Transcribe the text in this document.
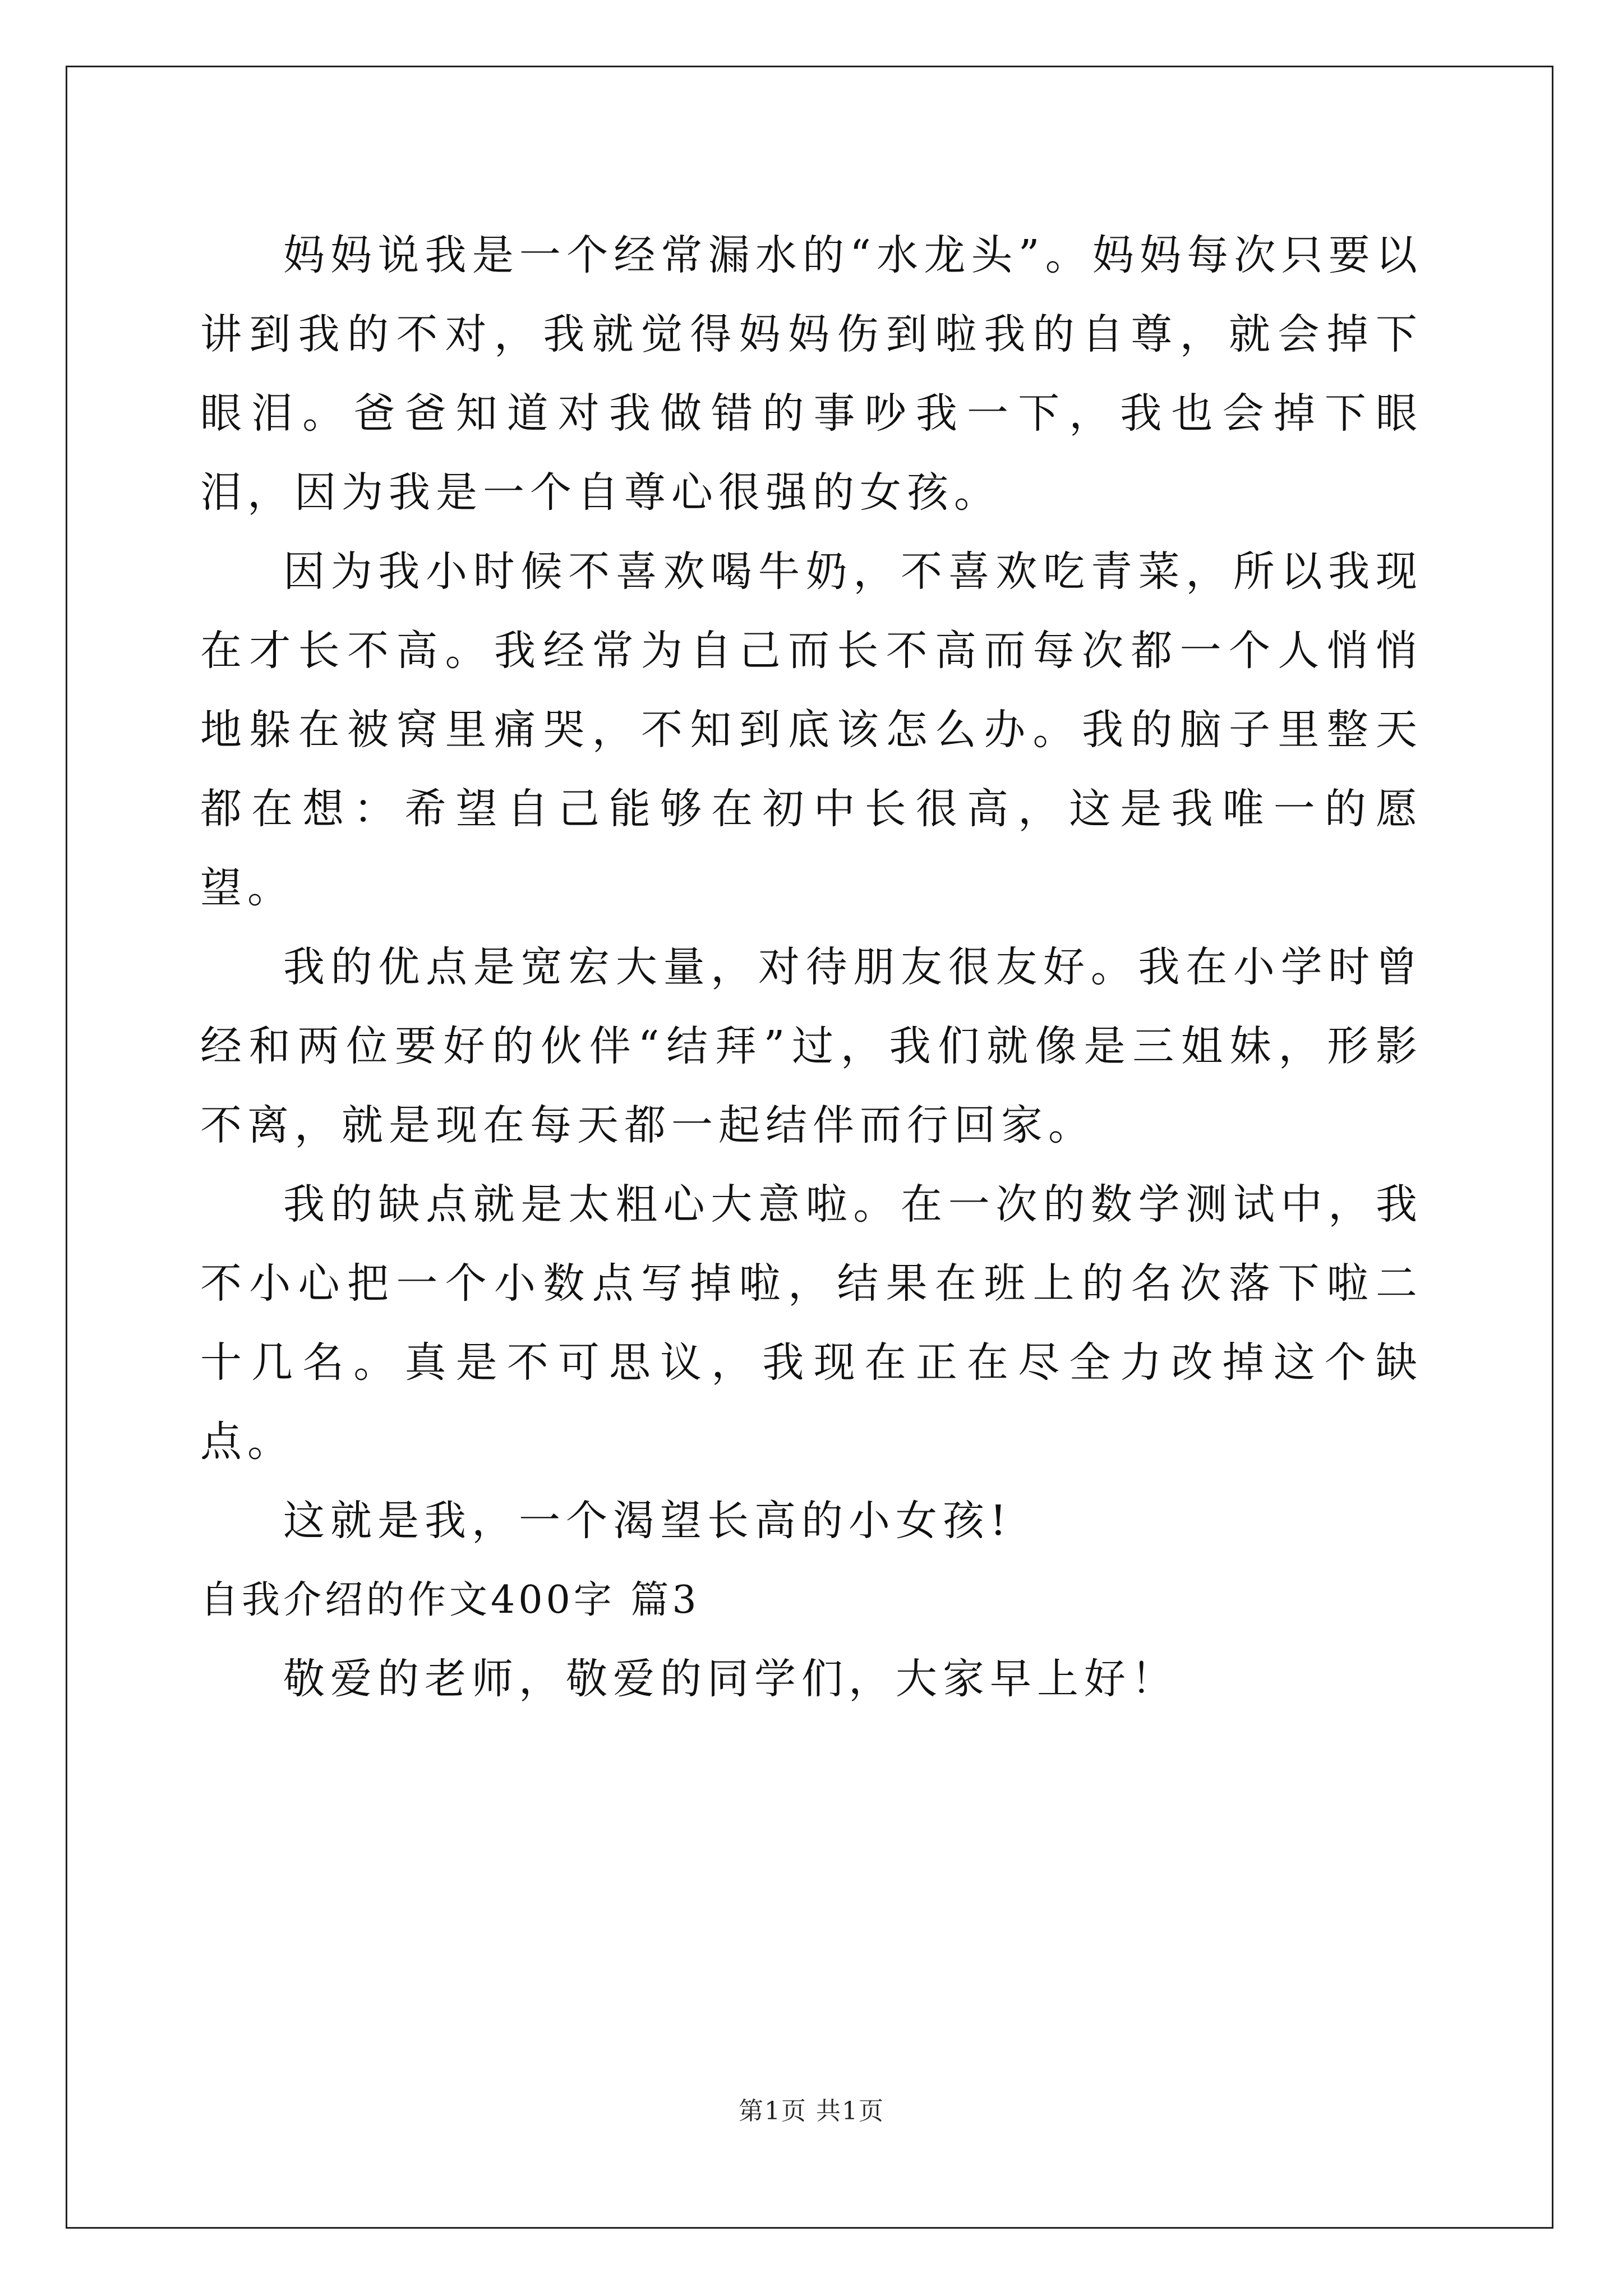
妈妈说我是一个经常漏水的“水龙头”。妈妈每次只要以讲到我的不对，我就觉得妈妈伤到啦我的自尊，就会掉下眼泪。爸爸知道对我做错的事吵我一下，我也会掉下眼泪，因为我是一个自尊心很强的女孩。

因为我小时候不喜欢喝牛奶，不喜欢吃青菜，所以我现在才长不高。我经常为自己而长不高而每次都一个人悄悄地躲在被窝里痛哭，不知到底该怎么办。我的脑子里整天都在想：希望自己能够在初中长很高，这是我唯一的愿望。

我的优点是宽宏大量，对待朋友很友好。我在小学时曾经和两位要好的伙伴“结拜”过，我们就像是三姐妹，形影不离，就是现在每天都一起结伴而行回家。

我的缺点就是太粗心大意啦。在一次的数学测试中，我不小心把一个小数点写掉啦，结果在班上的名次落下啦二十几名。真是不可思议，我现在正在尽全力改掉这个缺点。

这就是我，一个渴望长高的小女孩!

自我介绍的作文400字 篇3

敬爱的老师，敬爱的同学们，大家早上好！

第1页 共1页
